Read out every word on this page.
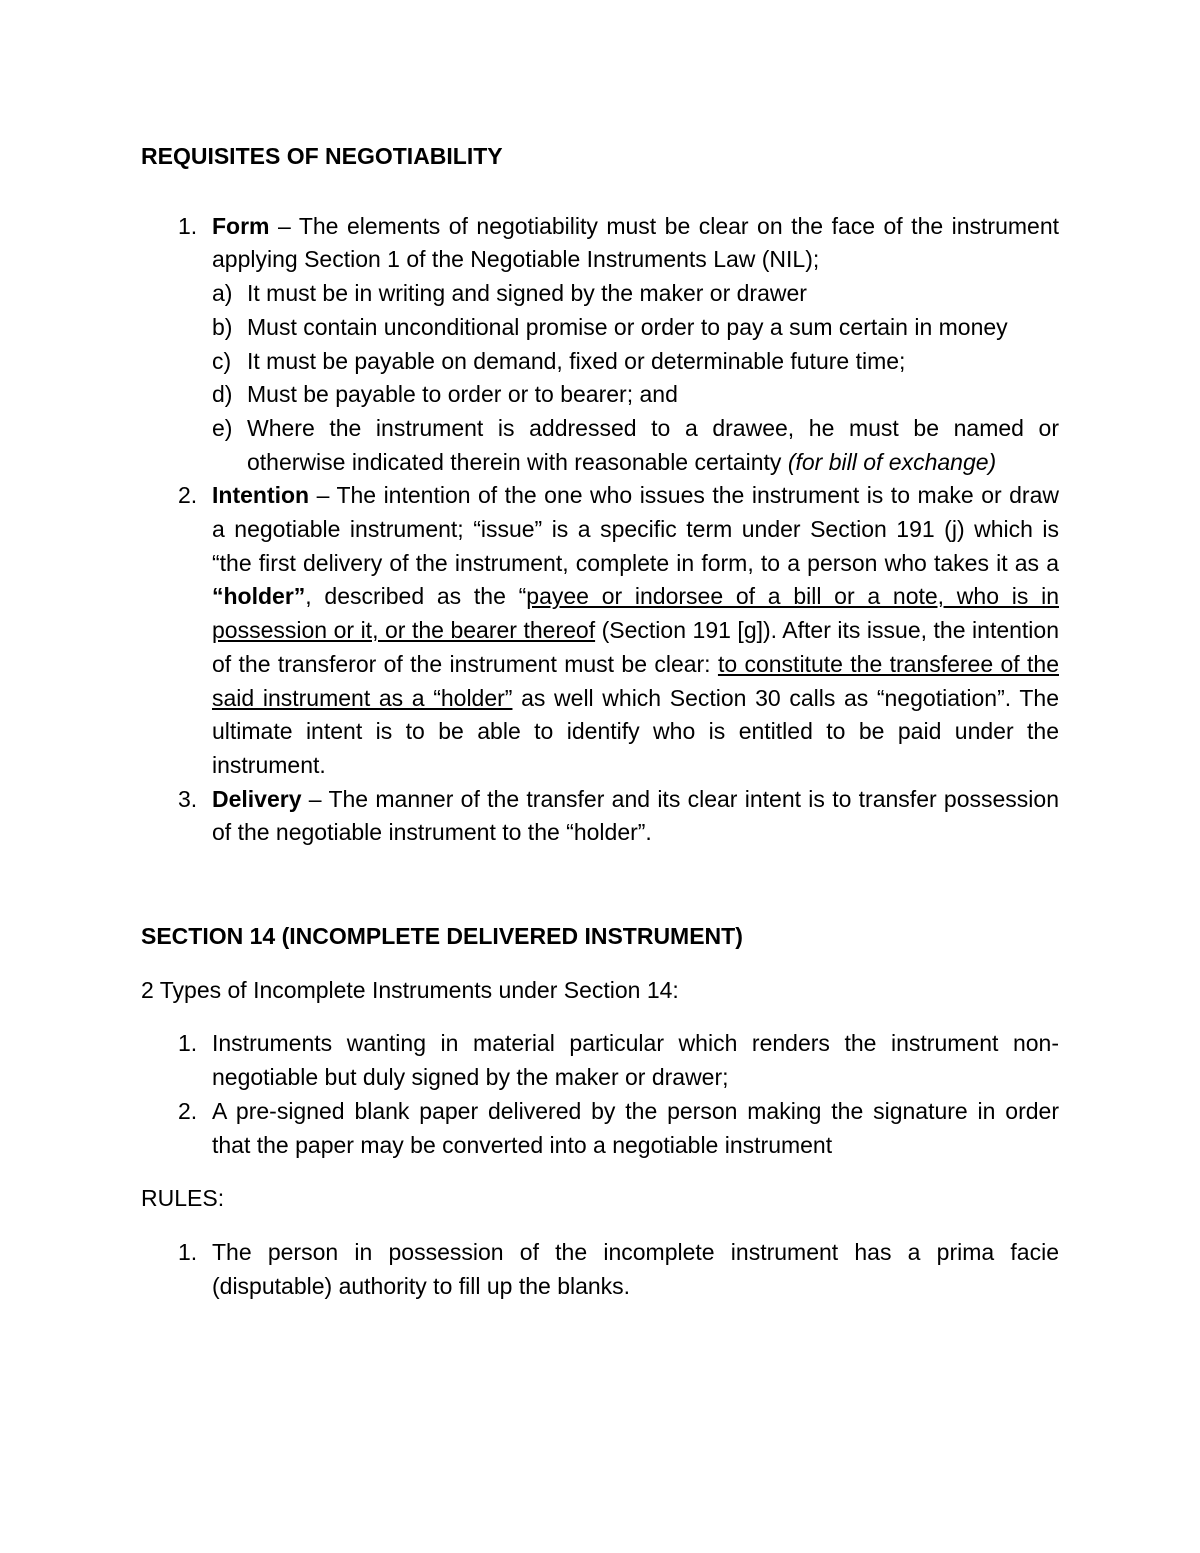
REQUISITES OF NEGOTIABILITY

1. Form – The elements of negotiability must be clear on the face of the instrument applying Section 1 of the Negotiable Instruments Law (NIL);
a) It must be in writing and signed by the maker or drawer
b) Must contain unconditional promise or order to pay a sum certain in money
c) It must be payable on demand, fixed or determinable future time;
d) Must be payable to order or to bearer; and
e) Where the instrument is addressed to a drawee, he must be named or otherwise indicated therein with reasonable certainty (for bill of exchange)
2. Intention – The intention of the one who issues the instrument is to make or draw a negotiable instrument; “issue” is a specific term under Section 191 (j) which is “the first delivery of the instrument, complete in form, to a person who takes it as a “holder”, described as the “payee or indorsee of a bill or a note, who is in possession or it, or the bearer thereof (Section 191 [g]). After its issue, the intention of the transferor of the instrument must be clear: to constitute the transferee of the said instrument as a “holder” as well which Section 30 calls as “negotiation”. The ultimate intent is to be able to identify who is entitled to be paid under the instrument.
3. Delivery – The manner of the transfer and its clear intent is to transfer possession of the negotiable instrument to the “holder”.

SECTION 14 (INCOMPLETE DELIVERED INSTRUMENT)

2 Types of Incomplete Instruments under Section 14:

1. Instruments wanting in material particular which renders the instrument non-negotiable but duly signed by the maker or drawer;
2. A pre-signed blank paper delivered by the person making the signature in order that the paper may be converted into a negotiable instrument

RULES:

1. The person in possession of the incomplete instrument has a prima facie (disputable) authority to fill up the blanks.
